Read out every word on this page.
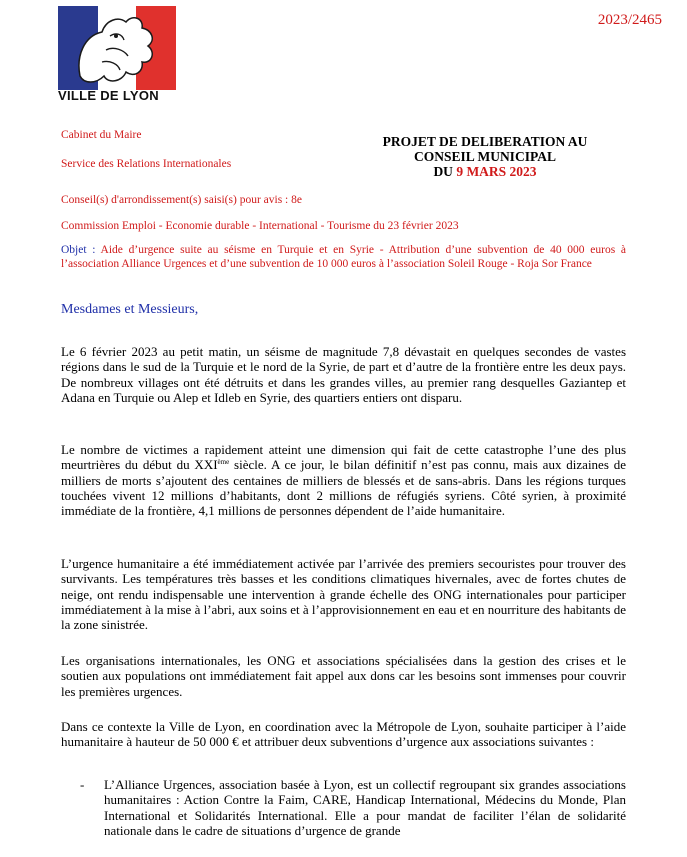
VILLE DE LYON
2023/2465
Cabinet du Maire
Service des Relations Internationales
PROJET DE DELIBERATION AU
CONSEIL MUNICIPAL
DU 9 MARS 2023
Conseil(s) d'arrondissement(s) saisi(s) pour avis : 8e
Commission Emploi - Economie durable - International - Tourisme du 23 février 2023
Objet : Aide d’urgence suite au séisme en Turquie et en Syrie - Attribution d’une subvention de 40 000 euros à l’association Alliance Urgences et d’une subvention de 10 000 euros à l’association Soleil Rouge - Roja Sor France
Mesdames et Messieurs,
Le 6 février 2023 au petit matin, un séisme de magnitude 7,8 dévastait en quelques secondes de vastes régions dans le sud de la Turquie et le nord de la Syrie, de part et d’autre de la frontière entre les deux pays. De nombreux villages ont été détruits et dans les grandes villes, au premier rang desquelles Gaziantep et Adana en Turquie ou Alep et Idleb en Syrie, des quartiers entiers ont disparu.
Le nombre de victimes a rapidement atteint une dimension qui fait de cette catastrophe l’une des plus meurtrières du début du XXIème siècle. A ce jour, le bilan définitif n’est pas connu, mais aux dizaines de milliers de morts s’ajoutent des centaines de milliers de blessés et de sans-abris. Dans les régions turques touchées vivent 12 millions d’habitants, dont 2 millions de réfugiés syriens. Côté syrien, à proximité immédiate de la frontière, 4,1 millions de personnes dépendent de l’aide humanitaire.
L’urgence humanitaire a été immédiatement activée par l’arrivée des premiers secouristes pour trouver des survivants. Les températures très basses et les conditions climatiques hivernales, avec de fortes chutes de neige, ont rendu indispensable une intervention à grande échelle des ONG internationales pour participer immédiatement à la mise à l’abri, aux soins et à l’approvisionnement en eau et en nourriture des habitants de la zone sinistrée.
Les organisations internationales, les ONG et associations spécialisées dans la gestion des crises et le soutien aux populations ont immédiatement fait appel aux dons car les besoins sont immenses pour couvrir les premières urgences.
Dans ce contexte la Ville de Lyon, en coordination avec la Métropole de Lyon, souhaite participer à l’aide humanitaire à hauteur de 50 000 € et attribuer deux subventions d’urgence aux associations suivantes :
- L’Alliance Urgences, association basée à Lyon, est un collectif regroupant six grandes associations humanitaires : Action Contre la Faim, CARE, Handicap International, Médecins du Monde, Plan International et Solidarités International. Elle a pour mandat de faciliter l’élan de solidarité nationale dans le cadre de situations d’urgence de grande
